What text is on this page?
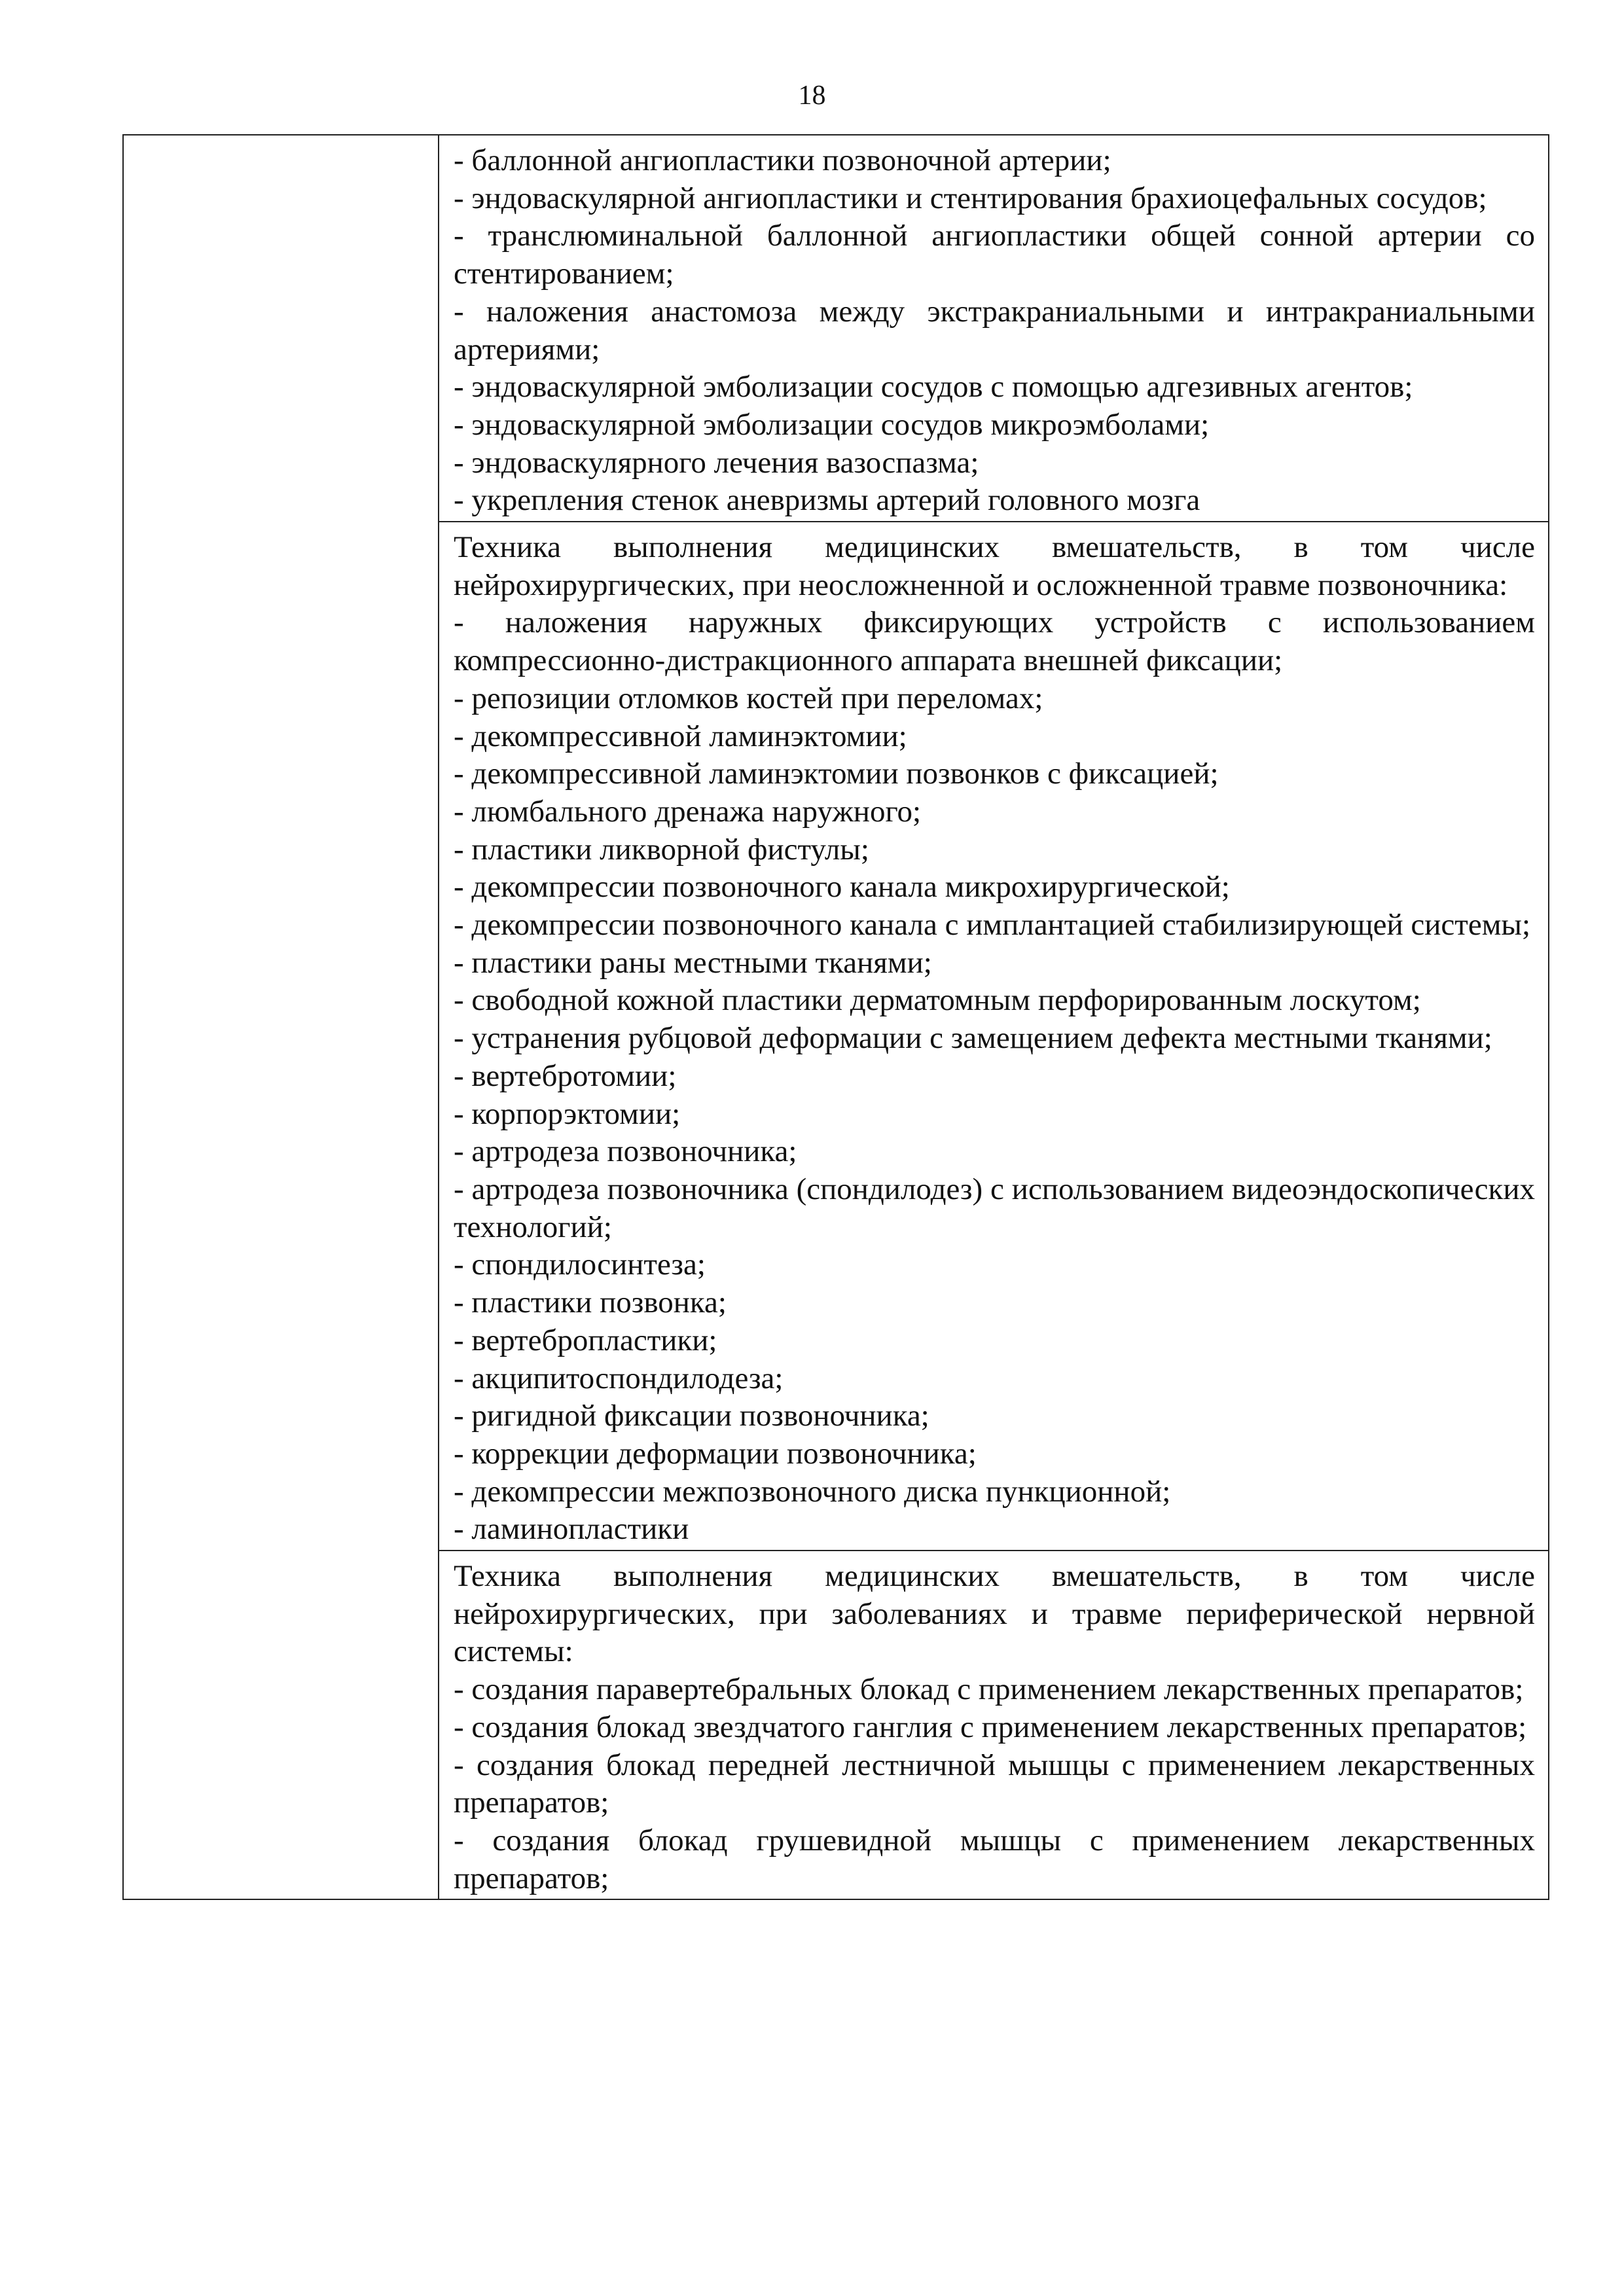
18

- баллонной ангиопластики позвоночной артерии;

- эндоваскулярной ангиопластики и стентирования брахиоцефальных сосудов;

- транслюминальной баллонной ангиопластики общей сонной артерии со стентированием;

- наложения анастомоза между экстракраниальными и интракраниальными артериями;

- эндоваскулярной эмболизации сосудов с помощью адгезивных агентов;

- эндоваскулярной эмболизации сосудов микроэмболами;

- эндоваскулярного лечения вазоспазма;

- укрепления стенок аневризмы артерий головного мозга

Техника выполнения медицинских вмешательств, в том числе нейрохирургических, при неосложненной и осложненной травме позвоночника:

- наложения наружных фиксирующих устройств с использованием компрессионно-дистракционного аппарата внешней фиксации;

- репозиции отломков костей при переломах;

- декомпрессивной ламинэктомии;

- декомпрессивной ламинэктомии позвонков с фиксацией;

- люмбального дренажа наружного;

- пластики ликворной фистулы;

- декомпрессии позвоночного канала микрохирургической;

- декомпрессии позвоночного канала с имплантацией стабилизирующей системы;

- пластики раны местными тканями;

- свободной кожной пластики дерматомным перфорированным лоскутом;

- устранения рубцовой деформации с замещением дефекта местными тканями;

- вертебротомии;

- корпорэктомии;

- артродеза позвоночника;

- артродеза позвоночника (спондилодез) с использованием видеоэндоскопических технологий;

- спондилосинтеза;

- пластики позвонка;

- вертебропластики;

- акципитоспондилодеза;

- ригидной фиксации позвоночника;

- коррекции деформации позвоночника;

- декомпрессии межпозвоночного диска пункционной;

- ламинопластики

Техника выполнения медицинских вмешательств, в том числе нейрохирургических, при заболеваниях и травме периферической нервной системы:

- создания паравертебральных блокад с применением лекарственных препаратов;

- создания блокад звездчатого ганглия с применением лекарственных препаратов;

- создания блокад передней лестничной мышцы с применением лекарственных препаратов;

- создания блокад грушевидной мышцы с применением лекарственных препаратов;
